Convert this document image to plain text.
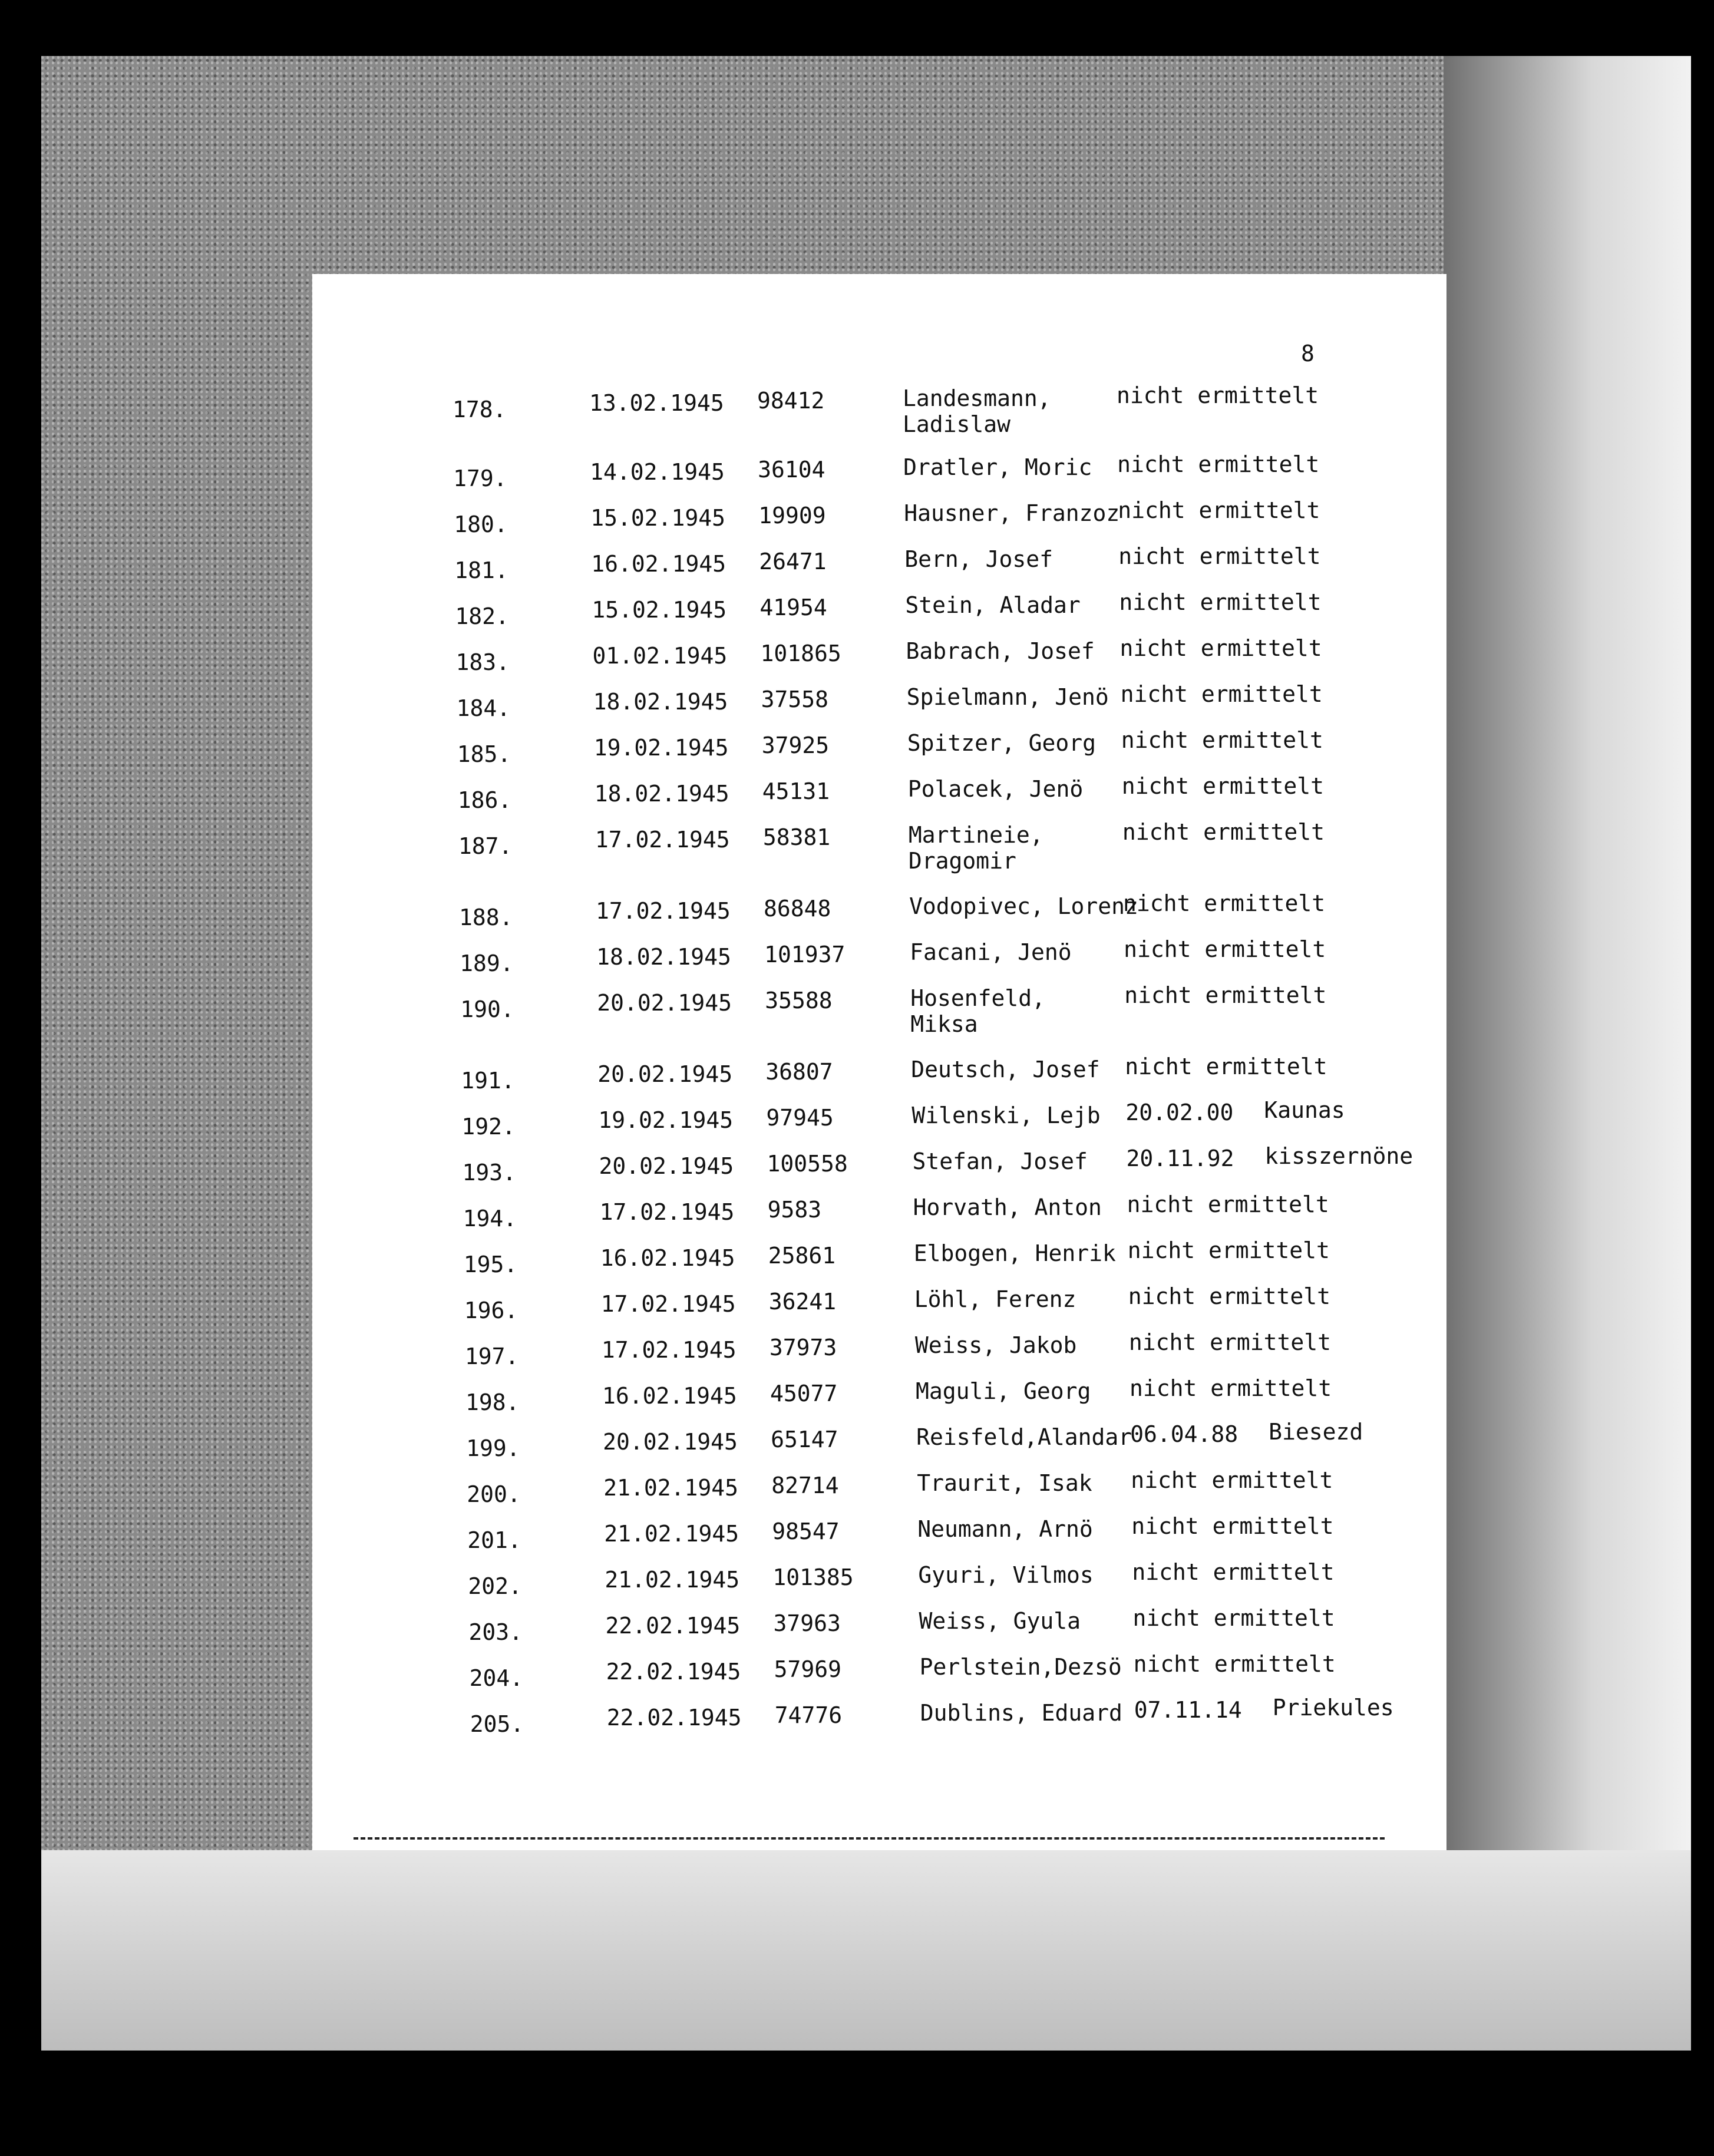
8
178.	13.02.1945 98412	Landesmann,
Ladislaw
nicht ermittelt
179.	14.02.1945 36104	Dratler, Moric nicht ermittelt
180.	15.02.1945 19909	Hausner, Franzoz
nicht ermittelt
181.	16.02.1945 26471	Bern, Josef	nicht ermittelt
182.	15.02.1945 41954	Stein, Aladar nicht ermittelt
183.	01.02.1945 101865	Babrach, Josef nicht ermittelt
184.	18.02.1945 37558	Spielmann, Jenö nicht ermittelt
185.	19.02.1945 37925	Spitzer, Georg nicht ermittelt
186.	18.02.1945 45131	Polacek, Jenö nicht ermittelt
187.	17.02.1945 58381	Martineie,
Dragomir
nicht ermittelt
188.	17.02.1945 86848	Vodopivec, Lorenz
nicht ermittelt
189.	18.02.1945 101937	Facani, Jenö nicht ermittelt
190.	20.02.1945 35588	Hosenfeld,
Miksa
nicht ermittelt
191.	20.02.1945 36807	Deutsch, Josef nicht ermittelt
192.	19.02.1945 97945	Wilenski, Lejb 20.02.00 Kaunas
193.	20.02.1945 100558	Stefan, Josef 20.11.92 kisszernöne
194.	17.02.1945 9583	Horvath, Anton nicht ermittelt
195.	16.02.1945 25861	Elbogen, Henrik nicht ermittelt
196.	17.02.1945 36241	Löhl, Ferenz nicht ermittelt
197.	17.02.1945 37973	Weiss, Jakob nicht ermittelt
198.	16.02.1945 45077	Maguli, Georg nicht ermittelt
199.	20.02.1945 65147	Reisfeld,Alandar
06.04.88 Biesezd
200.	21.02.1945 82714	Traurit, Isak nicht ermittelt
201.	21.02.1945 98547	Neumann, Arnö nicht ermittelt
202.	21.02.1945 101385	Gyuri, Vilmos nicht ermittelt
203.	22.02.1945 37963	Weiss, Gyula nicht ermittelt
204.	22.02.1945 57969	Perlstein,Dezsö nicht ermittelt
205.	22.02.1945 74776	Dublins, Eduard 07.11.14 Priekules
